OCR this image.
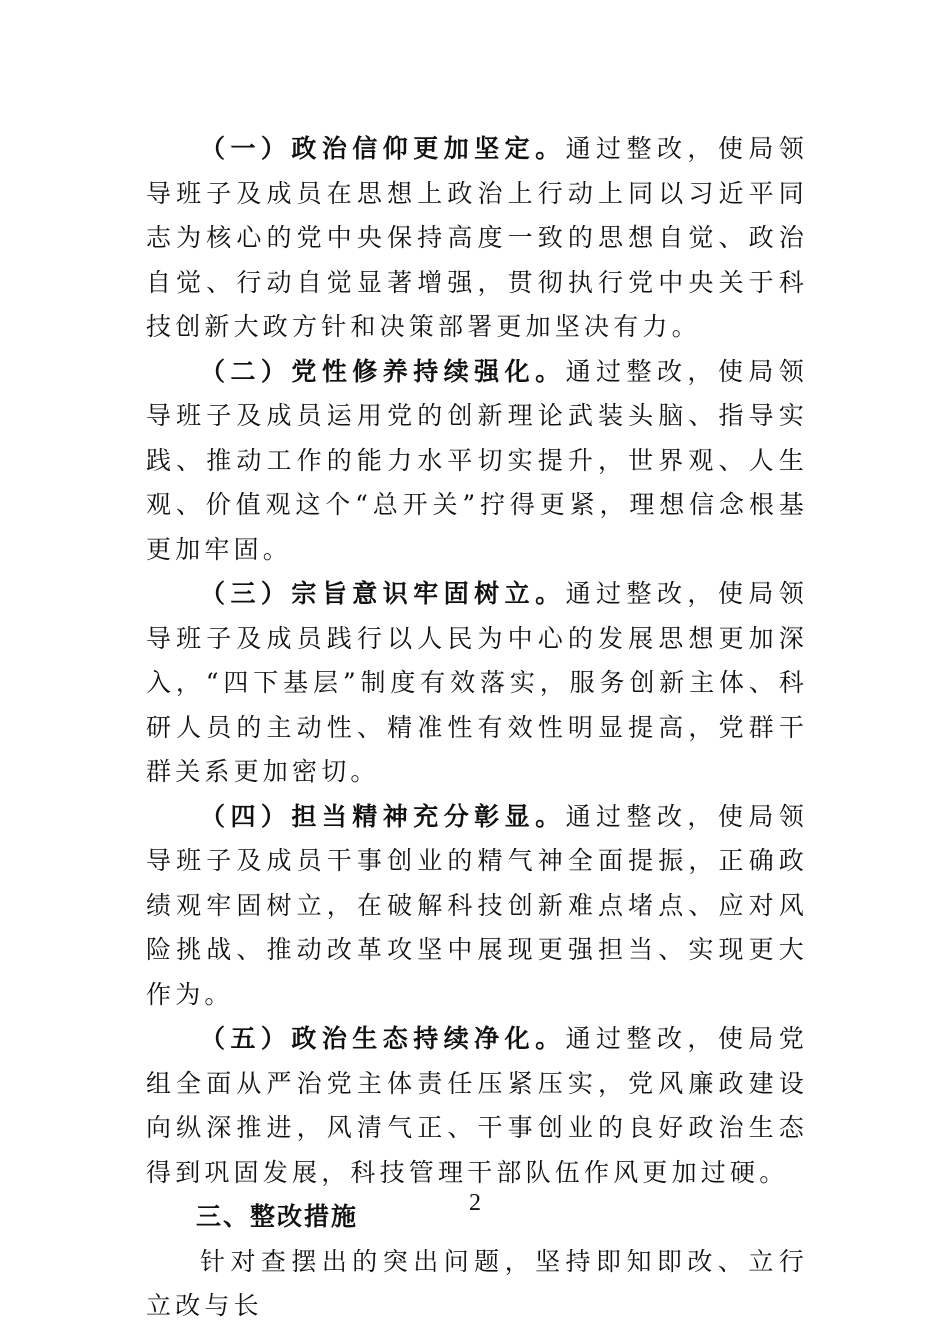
（一）政治信仰更加坚定。通过整改，使局领导班子及成员在思想上政治上行动上同以习近平同志为核心的党中央保持高度一致的思想自觉、政治自觉、行动自觉显著增强，贯彻执行党中央关于科技创新大政方针和决策部署更加坚决有力。

（二）党性修养持续强化。通过整改，使局领导班子及成员运用党的创新理论武装头脑、指导实践、推动工作的能力水平切实提升，世界观、人生观、价值观这个“总开关”拧得更紧，理想信念根基更加牢固。

（三）宗旨意识牢固树立。通过整改，使局领导班子及成员践行以人民为中心的发展思想更加深入，“四下基层”制度有效落实，服务创新主体、科研人员的主动性、精准性有效性明显提高，党群干群关系更加密切。

（四）担当精神充分彰显。通过整改，使局领导班子及成员干事创业的精气神全面提振，正确政绩观牢固树立，在破解科技创新难点堵点、应对风险挑战、推动改革攻坚中展现更强担当、实现更大作为。

（五）政治生态持续净化。通过整改，使局党组全面从严治党主体责任压紧压实，党风廉政建设向纵深推进，风清气正、干事创业的良好政治生态得到巩固发展，科技管理干部队伍作风更加过硬。

三、整改措施

针对查摆出的突出问题，坚持即知即改、立行立改与长

2
